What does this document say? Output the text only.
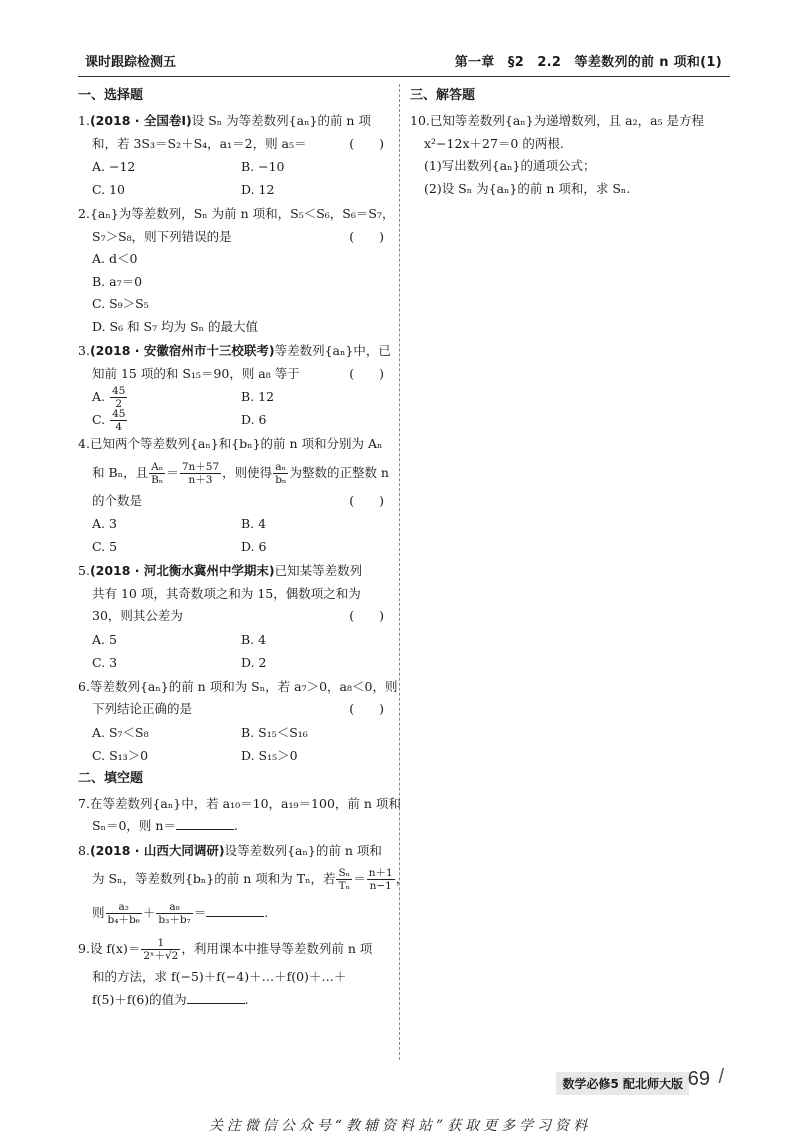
课时跟踪检测五	第一章　§2　2.2　等差数列的前 n 项和(1)
一、选择题
1.(2018 · 全国卷Ⅰ)设 Sₙ 为等差数列{aₙ}的前 n 项
和，若 3S₃＝S₂＋S₄，a₁＝2，则 a₅＝	(　　)
A. −12	B. −10
C. 10	D. 12
2.{aₙ}为等差数列，Sₙ 为前 n 项和，S₅＜S₆，S₆＝S₇，
S₇＞S₈，则下列错误的是	(　　)
A. d＜0
B. a₇＝0
C. S₉＞S₅
D. S₆ 和 S₇ 均为 Sₙ 的最大值
3.(2018 · 安徽宿州市十三校联考)等差数列{aₙ}中，已
知前 15 项的和 S₁₅＝90，则 a₈ 等于	(　　)
A. $\frac{45}{2}$	B. 12
C. $\frac{45}{4}$	D. 6
4.已知两个等差数列{aₙ}和{bₙ}的前 n 项和分别为 Aₙ
和 Bₙ，且 $\frac{\text{Aₙ}}{\text{Bₙ}} = \frac{7n+57}{n+3}$ ，则使得 $\frac{\text{aₙ}}{\text{bₙ}}$ 为整数的正整数 n
的个数是	(　　)
A. 3	B. 4
C. 5	D. 6
5.(2018 · 河北衡水冀州中学期末)已知某等差数列
共有 10 项，其奇数项之和为 15，偶数项之和为
30，则其公差为	(　　)
A. 5	B. 4
C. 3	D. 2
6.等差数列{aₙ}的前 n 项和为 Sₙ，若 a₇＞0，a₈＜0，则
下列结论正确的是	(　　)
A. S₇＜S₈	B. S₁₅＜S₁₆
C. S₁₃＞0	D. S₁₅＞0
二、填空题
7.在等差数列{aₙ}中，若 a₁₀＝10，a₁₉＝100，前 n 项和
Sₙ＝0，则 n＝	.
8.(2018 · 山西大同调研)设等差数列{aₙ}的前 n 项和
为 Sₙ，等差数列{bₙ}的前 n 项和为 Tₙ，若 $\frac{\text{Sₙ}}{\text{Tₙ}} = \frac{n+1}{n-1}$ ，
则 $\frac{\text{a₂}}{\text{b₄＋b₆}} + \frac{\text{a₈}}{\text{b₃＋b₇}}$ ＝	.
9.设 $f(x)= \frac{1}{\text{2ˣ＋√2}}$ ，利用课本中推导等差数列前 n 项
和的方法，求 f(−5)＋f(−4)＋…＋f(0)＋…＋
f(5)＋f(6)的值为	.
三、解答题
10.已知等差数列{aₙ}为递增数列，且 a₂，a₅ 是方程
x²−12x＋27＝0 的两根.
(1)写出数列{aₙ}的通项公式；
(2)设 Sₙ 为{aₙ}的前 n 项和，求 Sₙ.
数学必修5 配北师大版 69 /
关注微信公众号“教辅资料站”获取更多学习资料
